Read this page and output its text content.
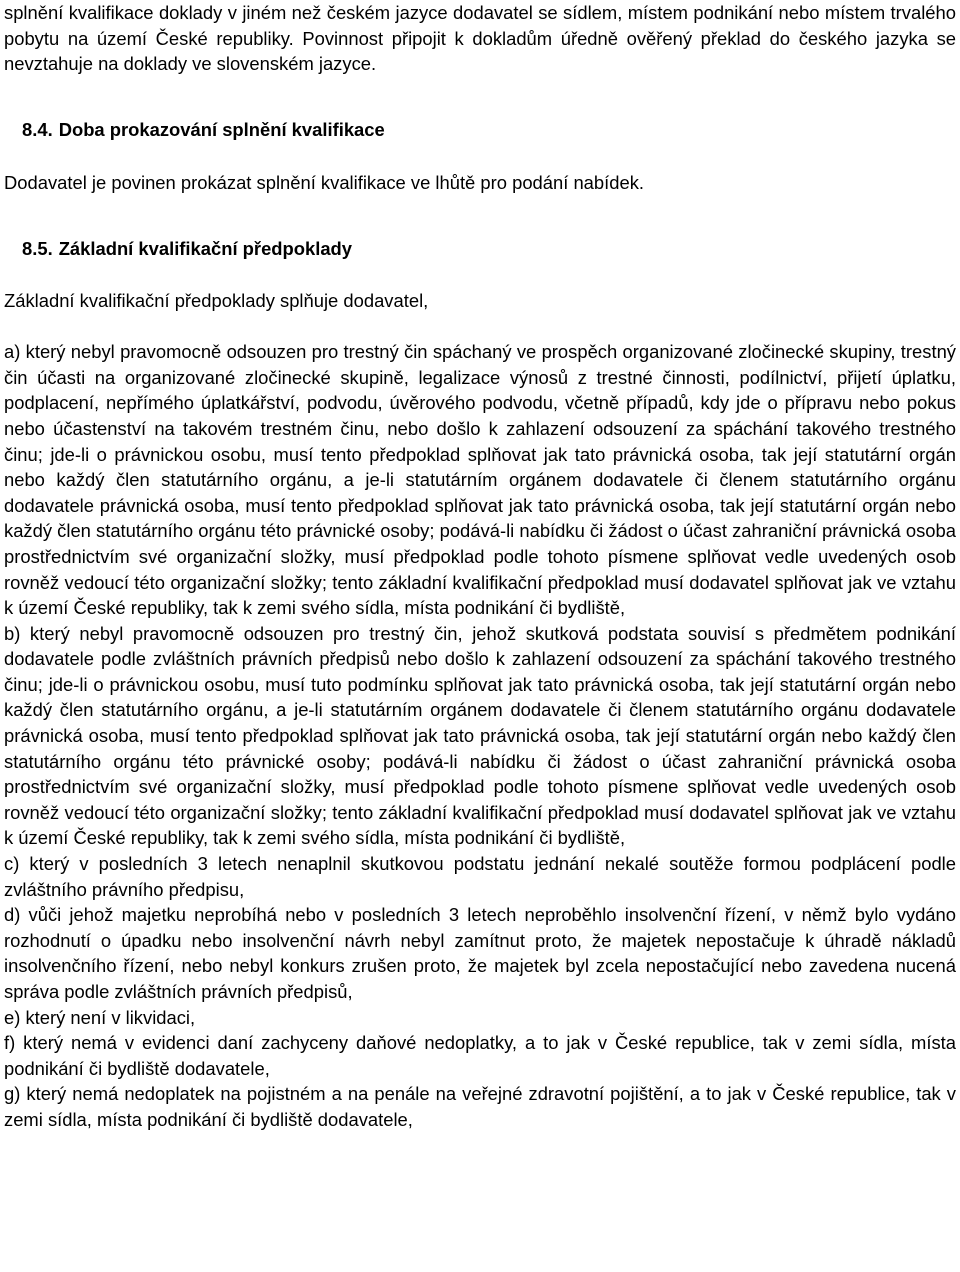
splnění kvalifikace doklady v jiném než českém jazyce dodavatel se sídlem, místem podnikání nebo místem trvalého pobytu na území České republiky. Povinnost připojit k dokladům úředně ověřený překlad do českého jazyka se nevztahuje na doklady ve slovenském jazyce.

8.4. Doba prokazování splnění kvalifikace

Dodavatel je povinen prokázat splnění kvalifikace ve lhůtě pro podání nabídek.

8.5. Základní kvalifikační předpoklady

Základní kvalifikační předpoklady splňuje dodavatel,

a) který nebyl pravomocně odsouzen pro trestný čin spáchaný ve prospěch organizované zločinecké skupiny, trestný čin účasti na organizované zločinecké skupině, legalizace výnosů z trestné činnosti, podílnictví, přijetí úplatku, podplacení, nepřímého úplatkářství, podvodu, úvěrového podvodu, včetně případů, kdy jde o přípravu nebo pokus nebo účastenství na takovém trestném činu, nebo došlo k zahlazení odsouzení za spáchání takového trestného činu; jde-li o právnickou osobu, musí tento předpoklad splňovat jak tato právnická osoba, tak její statutární orgán nebo každý člen statutárního orgánu, a je-li statutárním orgánem dodavatele či členem statutárního orgánu dodavatele právnická osoba, musí tento předpoklad splňovat jak tato právnická osoba, tak její statutární orgán nebo každý člen statutárního orgánu této právnické osoby; podává-li nabídku či žádost o účast zahraniční právnická osoba prostřednictvím své organizační složky, musí předpoklad podle tohoto písmene splňovat vedle uvedených osob rovněž vedoucí této organizační složky; tento základní kvalifikační předpoklad musí dodavatel splňovat jak ve vztahu k území České republiky, tak k zemi svého sídla, místa podnikání či bydliště,

b) který nebyl pravomocně odsouzen pro trestný čin, jehož skutková podstata souvisí s předmětem podnikání dodavatele podle zvláštních právních předpisů nebo došlo k zahlazení odsouzení za spáchání takového trestného činu; jde-li o právnickou osobu, musí tuto podmínku splňovat jak tato právnická osoba, tak její statutární orgán nebo každý člen statutárního orgánu, a je-li statutárním orgánem dodavatele či členem statutárního orgánu dodavatele právnická osoba, musí tento předpoklad splňovat jak tato právnická osoba, tak její statutární orgán nebo každý člen statutárního orgánu této právnické osoby; podává-li nabídku či žádost o účast zahraniční právnická osoba prostřednictvím své organizační složky, musí předpoklad podle tohoto písmene splňovat vedle uvedených osob rovněž vedoucí této organizační složky; tento základní kvalifikační předpoklad musí dodavatel splňovat jak ve vztahu k území České republiky, tak k zemi svého sídla, místa podnikání či bydliště,

c) který v posledních 3 letech nenaplnil skutkovou podstatu jednání nekalé soutěže formou podplácení podle zvláštního právního předpisu,

d) vůči jehož majetku neprobíhá nebo v posledních 3 letech neproběhlo insolvenční řízení, v němž bylo vydáno rozhodnutí o úpadku nebo insolvenční návrh nebyl zamítnut proto, že majetek nepostačuje k úhradě nákladů insolvenčního řízení, nebo nebyl konkurs zrušen proto, že majetek byl zcela nepostačující nebo zavedena nucená správa podle zvláštních právních předpisů,

e) který není v likvidaci,

f) který nemá v evidenci daní zachyceny daňové nedoplatky, a to jak v České republice, tak v zemi sídla, místa podnikání či bydliště dodavatele,

g) který nemá nedoplatek na pojistném a na penále na veřejné zdravotní pojištění, a to jak v České republice, tak v zemi sídla, místa podnikání či bydliště dodavatele,
